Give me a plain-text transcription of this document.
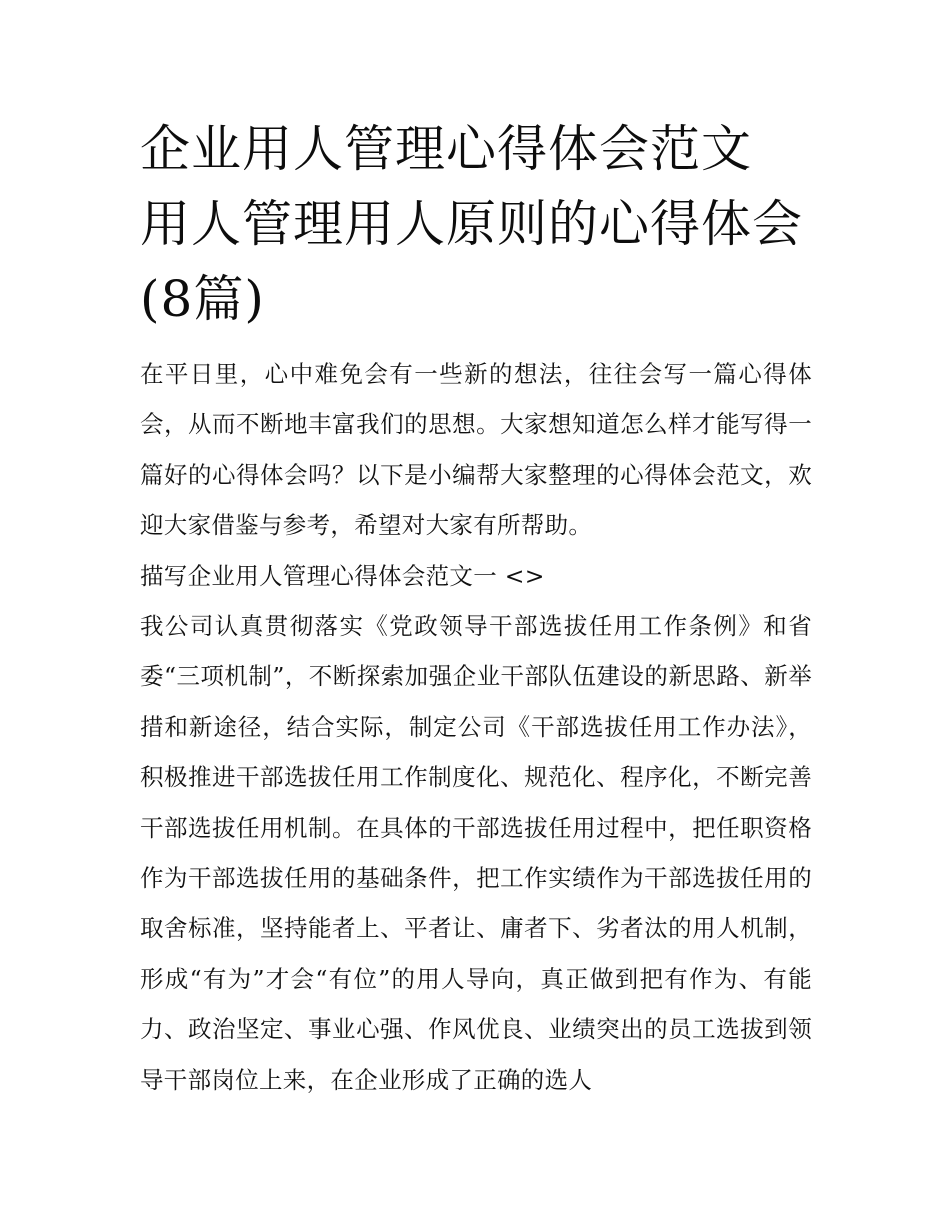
企业用人管理心得体会范文 用人管理用人原则的心得体会(8篇)

在平日里，心中难免会有一些新的想法，往往会写一篇心得体会，从而不断地丰富我们的思想。大家想知道怎么样才能写得一篇好的心得体会吗？以下是小编帮大家整理的心得体会范文，欢迎大家借鉴与参考，希望对大家有所帮助。

描写企业用人管理心得体会范文一 <>

我公司认真贯彻落实《党政领导干部选拔任用工作条例》和省委“三项机制”，不断探索加强企业干部队伍建设的新思路、新举措和新途径，结合实际，制定公司《干部选拔任用工作办法》，积极推进干部选拔任用工作制度化、规范化、程序化，不断完善干部选拔任用机制。在具体的干部选拔任用过程中，把任职资格作为干部选拔任用的基础条件，把工作实绩作为干部选拔任用的取舍标准，坚持能者上、平者让、庸者下、劣者汰的用人机制，形成“有为”才会“有位”的用人导向，真正做到把有作为、有能力、政治坚定、事业心强、作风优良、业绩突出的员工选拔到领导干部岗位上来，在企业形成了正确的选人
